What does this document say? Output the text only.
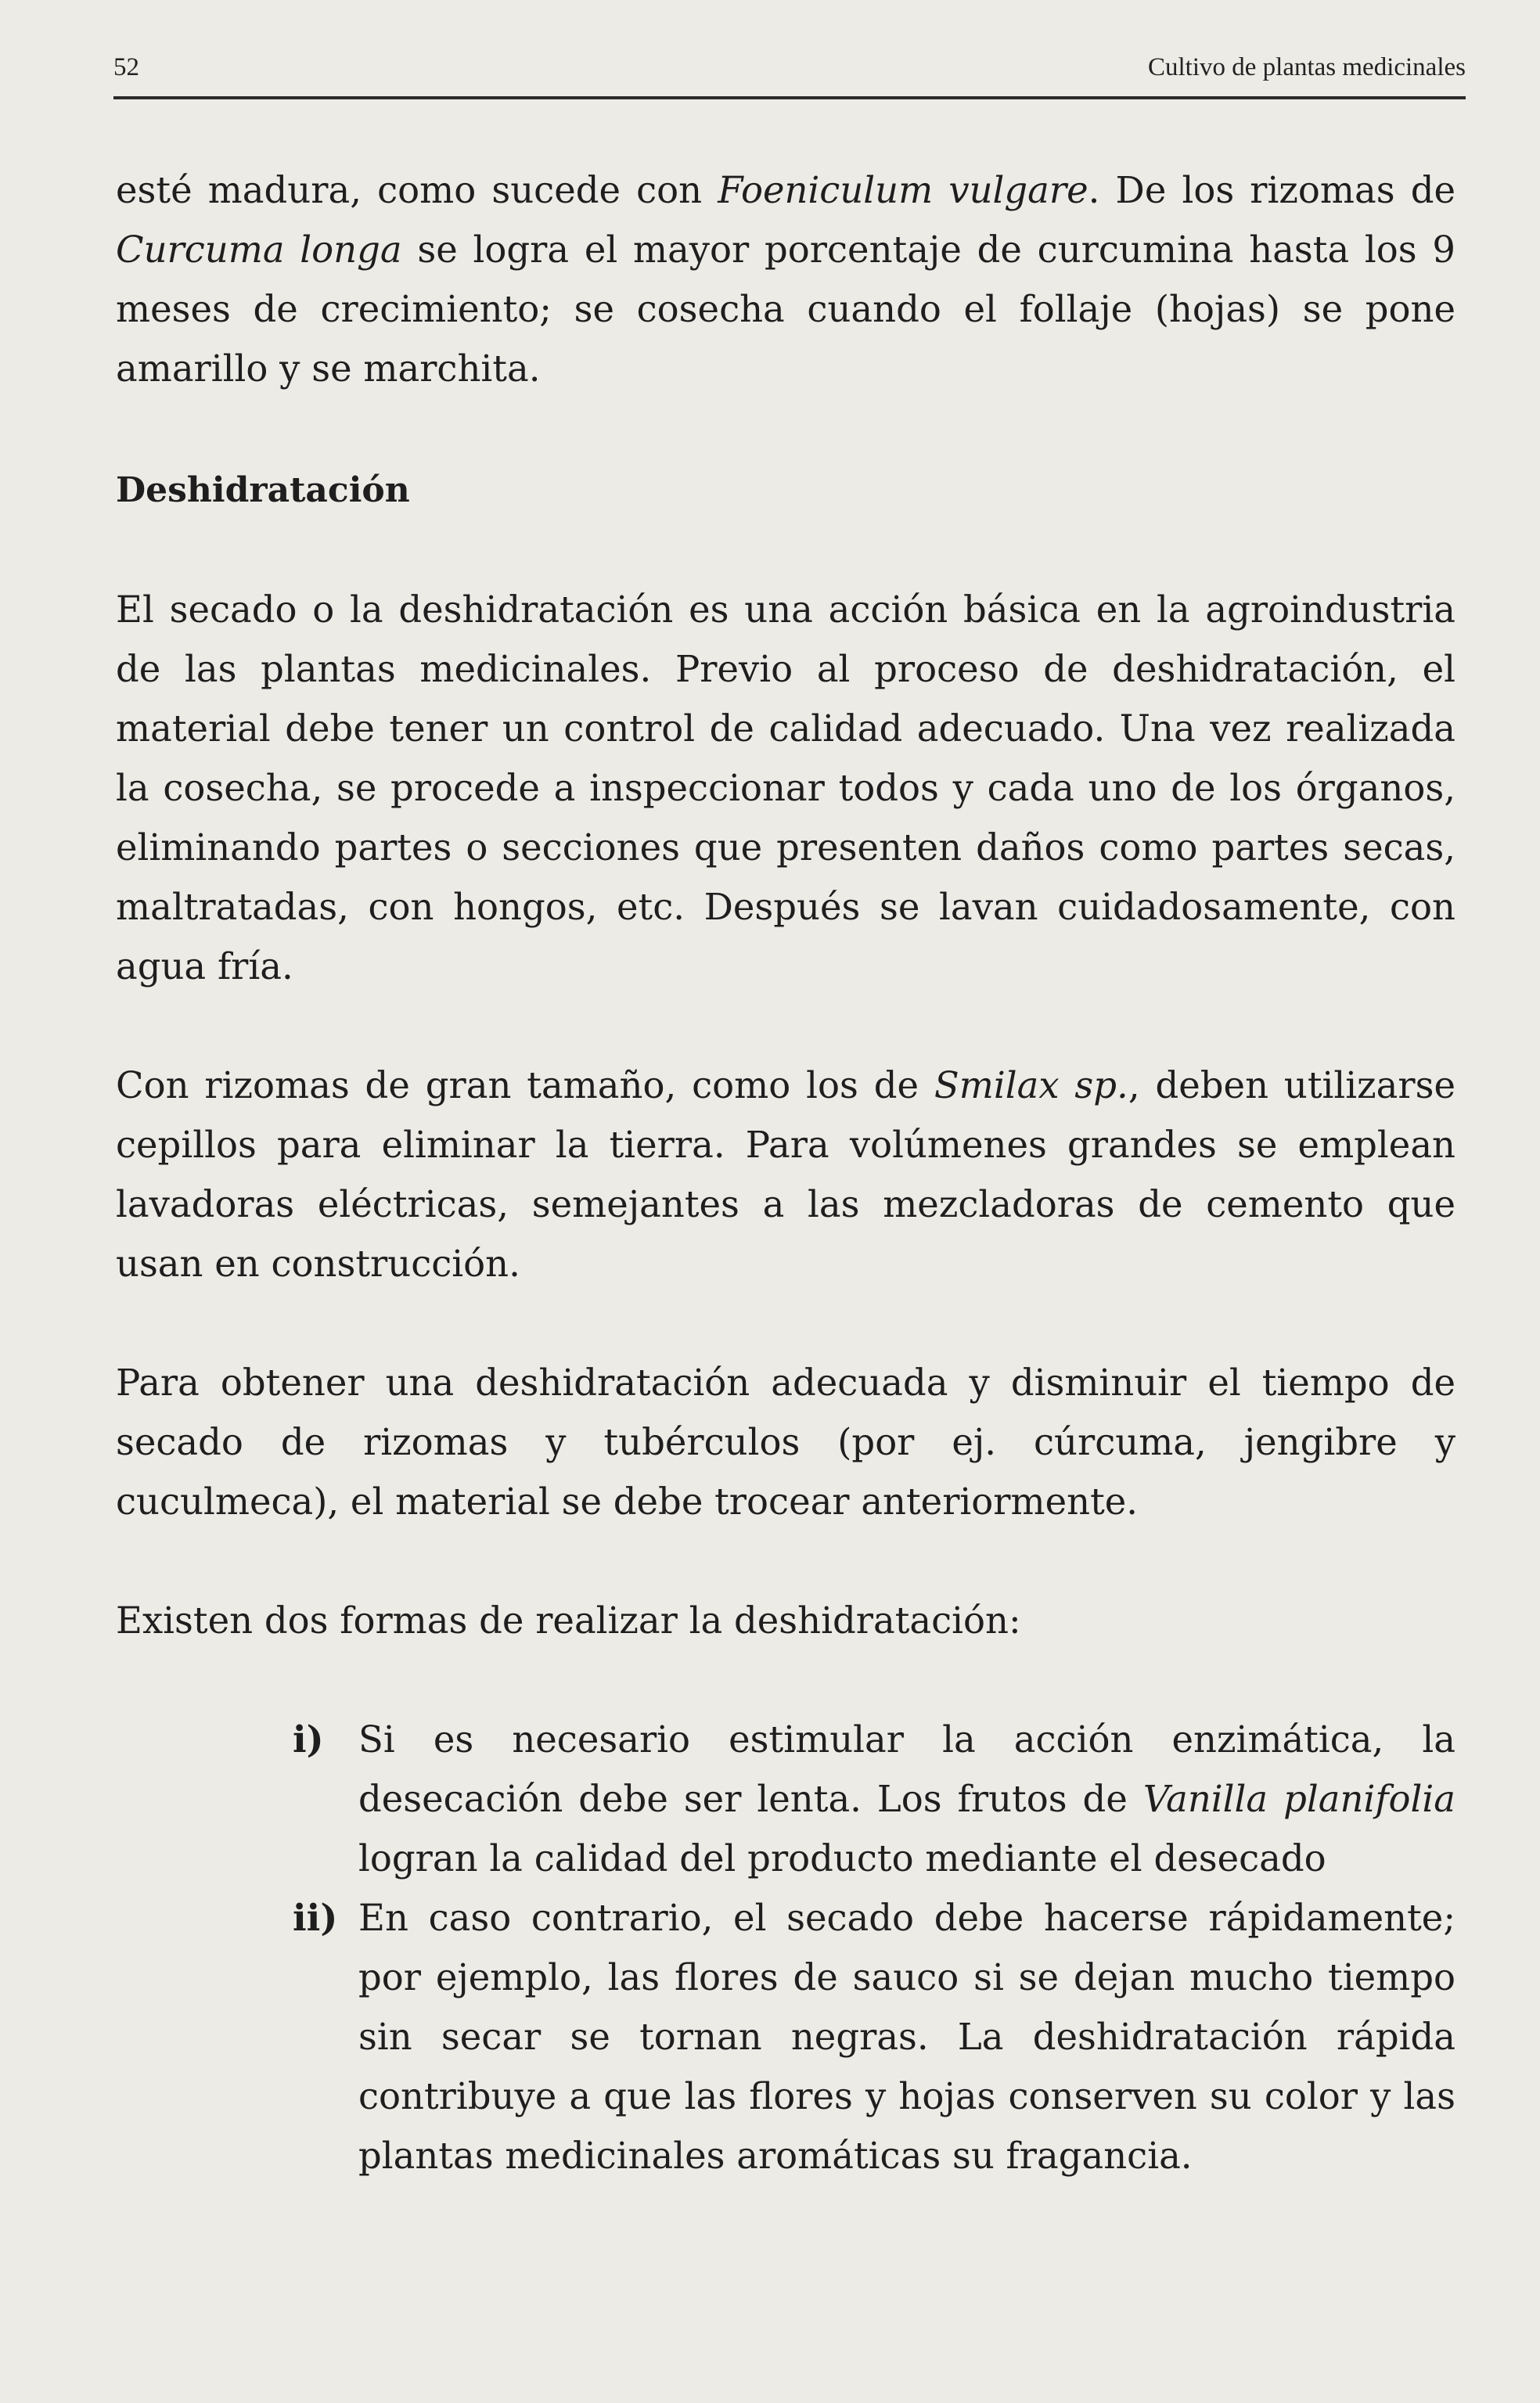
52	Cultivo de plantas medicinales

esté madura, como sucede con Foeniculum vulgare. De los rizomas de Curcuma longa se logra el mayor porcentaje de curcumina hasta los 9 meses de crecimiento; se cosecha cuando el follaje (hojas) se pone amarillo y se marchita.

Deshidratación

El secado o la deshidratación es una acción básica en la agroindustria de las plantas medicinales. Previo al proceso de deshidratación, el material debe tener un control de calidad adecuado. Una vez realizada la cosecha, se procede a inspeccionar todos y cada uno de los órganos, eliminando partes o secciones que presenten daños como partes secas, maltratadas, con hongos, etc. Después se lavan cuidadosamente, con agua fría.

Con rizomas de gran tamaño, como los de Smilax sp., deben utilizarse cepillos para eliminar la tierra. Para volúmenes grandes se emplean lavadoras eléctricas, semejantes a las mezcladoras de cemento que usan en construcción.

Para obtener una deshidratación adecuada y disminuir el tiempo de secado de rizomas y tubérculos (por ej. cúrcuma, jengibre y cuculmeca), el material se debe trocear anteriormente.

Existen dos formas de realizar la deshidratación:

i) Si es necesario estimular la acción enzimática, la desecación debe ser lenta. Los frutos de Vanilla planifolia logran la calidad del producto mediante el desecado
ii) En caso contrario, el secado debe hacerse rápidamente; por ejemplo, las flores de sauco si se dejan mucho tiempo sin secar se tornan negras. La deshidratación rápida contribuye a que las flores y hojas conserven su color y las plantas medicinales aromáticas su fragancia.
